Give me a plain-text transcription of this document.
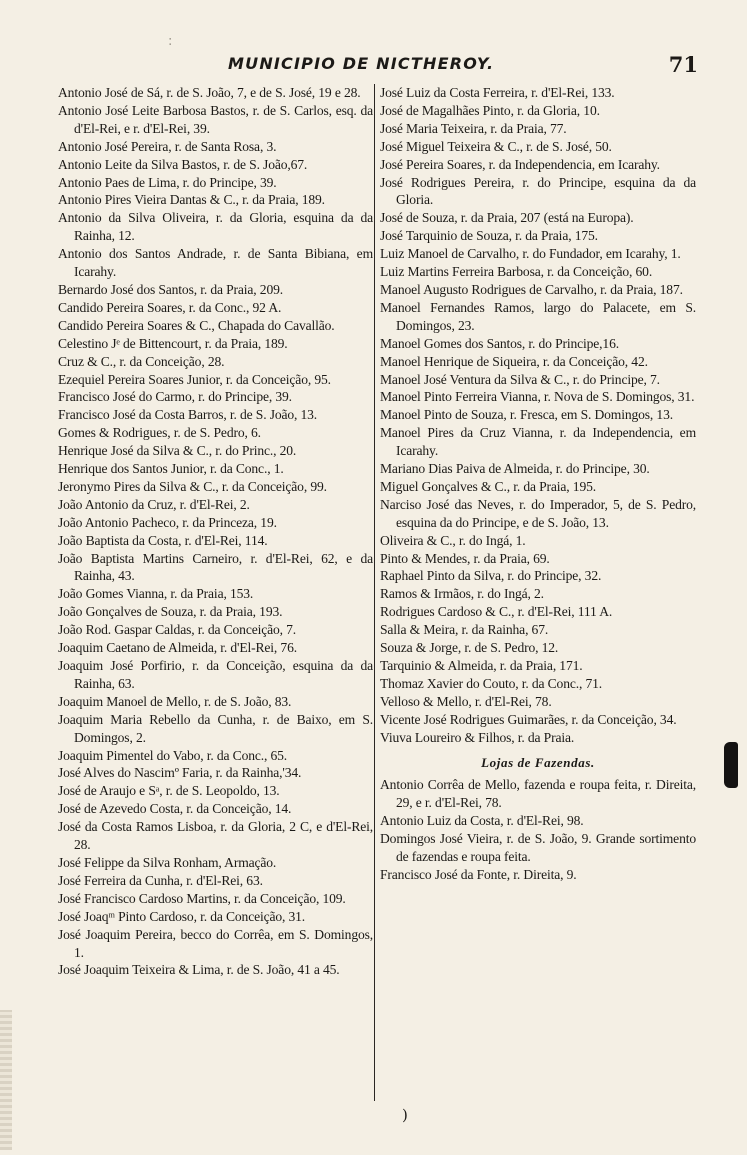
:
MUNICIPIO DE NICTHEROY.	71

Antonio José de Sá, r. de S. João, 7, e de S. José, 19 e 28.

Antonio José Leite Barbosa Bastos, r. de S. Carlos, esq. da d'El-Rei, e r. d'El-Rei, 39.

Antonio José Pereira, r. de Santa Rosa, 3.

Antonio Leite da Silva Bastos, r. de S. João,67.

Antonio Paes de Lima, r. do Principe, 39.

Antonio Pires Vieira Dantas & C., r. da Praia, 189.

Antonio da Silva Oliveira, r. da Gloria, esquina da da Rainha, 12.

Antonio dos Santos Andrade, r. de Santa Bibiana, em Icarahy.

Bernardo José dos Santos, r. da Praia, 209.

Candido Pereira Soares, r. da Conc., 92 A.

Candido Pereira Soares & C., Chapada do Cavallão.

Celestino Jᵉ de Bittencourt, r. da Praia, 189.

Cruz & C., r. da Conceição, 28.

Ezequiel Pereira Soares Junior, r. da Conceição, 95.

Francisco José do Carmo, r. do Principe, 39.

Francisco José da Costa Barros, r. de S. João, 13.

Gomes & Rodrigues, r. de S. Pedro, 6.

Henrique José da Silva & C., r. do Princ., 20.

Henrique dos Santos Junior, r. da Conc., 1.

Jeronymo Pires da Silva & C., r. da Conceição, 99.

João Antonio da Cruz, r. d'El-Rei, 2.

João Antonio Pacheco, r. da Princeza, 19.

João Baptista da Costa, r. d'El-Rei, 114.

João Baptista Martins Carneiro, r. d'El-Rei, 62, e da Rainha, 43.

João Gomes Vianna, r. da Praia, 153.

João Gonçalves de Souza, r. da Praia, 193.

João Rod. Gaspar Caldas, r. da Conceição, 7.

Joaquim Caetano de Almeida, r. d'El-Rei, 76.

Joaquim José Porfirio, r. da Conceição, esquina da da Rainha, 63.

Joaquim Manoel de Mello, r. de S. João, 83.

Joaquim Maria Rebello da Cunha, r. de Baixo, em S. Domingos, 2.

Joaquim Pimentel do Vabo, r. da Conc., 65.

José Alves do Nascimº Faria, r. da Rainha,'34.

José de Araujo e Sᵃ, r. de S. Leopoldo, 13.

José de Azevedo Costa, r. da Conceição, 14.

José da Costa Ramos Lisboa, r. da Gloria, 2 C, e d'El-Rei, 28.

José Felippe da Silva Ronham, Armação.

José Ferreira da Cunha, r. d'El-Rei, 63.

José Francisco Cardoso Martins, r. da Conceição, 109.

José Joaqᵐ Pinto Cardoso, r. da Conceição, 31.

José Joaquim Pereira, becco do Corrêa, em S. Domingos, 1.

José Joaquim Teixeira & Lima, r. de S. João, 41 a 45.

José Luiz da Costa Ferreira, r. d'El-Rei, 133.

José de Magalhães Pinto, r. da Gloria, 10.

José Maria Teixeira, r. da Praia, 77.

José Miguel Teixeira & C., r. de S. José, 50.

José Pereira Soares, r. da Independencia, em Icarahy.

José Rodrigues Pereira, r. do Principe, esquina da da Gloria.

José de Souza, r. da Praia, 207 (está na Europa).

José Tarquinio de Souza, r. da Praia, 175.

Luiz Manoel de Carvalho, r. do Fundador, em Icarahy, 1.

Luiz Martins Ferreira Barbosa, r. da Conceição, 60.

Manoel Augusto Rodrigues de Carvalho, r. da Praia, 187.

Manoel Fernandes Ramos, largo do Palacete, em S. Domingos, 23.

Manoel Gomes dos Santos, r. do Principe,16.

Manoel Henrique de Siqueira, r. da Conceição, 42.

Manoel José Ventura da Silva & C., r. do Principe, 7.

Manoel Pinto Ferreira Vianna, r. Nova de S. Domingos, 31.

Manoel Pinto de Souza, r. Fresca, em S. Domingos, 13.

Manoel Pires da Cruz Vianna, r. da Independencia, em Icarahy.

Mariano Dias Paiva de Almeida, r. do Principe, 30.

Miguel Gonçalves & C., r. da Praia, 195.

Narciso José das Neves, r. do Imperador, 5, de S. Pedro, esquina da do Principe, e de S. João, 13.

Oliveira & C., r. do Ingá, 1.

Pinto & Mendes, r. da Praia, 69.

Raphael Pinto da Silva, r. do Principe, 32.

Ramos & Irmãos, r. do Ingá, 2.

Rodrigues Cardoso & C., r. d'El-Rei, 111 A.

Salla & Meira, r. da Rainha, 67.

Souza & Jorge, r. de S. Pedro, 12.

Tarquinio & Almeida, r. da Praia, 171.

Thomaz Xavier do Couto, r. da Conc., 71.

Velloso & Mello, r. d'El-Rei, 78.

Vicente José Rodrigues Guimarães, r. da Conceição, 34.

Viuva Loureiro & Filhos, r. da Praia.

Lojas de Fazendas.

Antonio Corrêa de Mello, fazenda e roupa feita, r. Direita, 29, e r. d'El-Rei, 78.

Antonio Luiz da Costa, r. d'El-Rei, 98.

Domingos José Vieira, r. de S. João, 9. Grande sortimento de fazendas e roupa feita.

Francisco José da Fonte, r. Direita, 9.

)
